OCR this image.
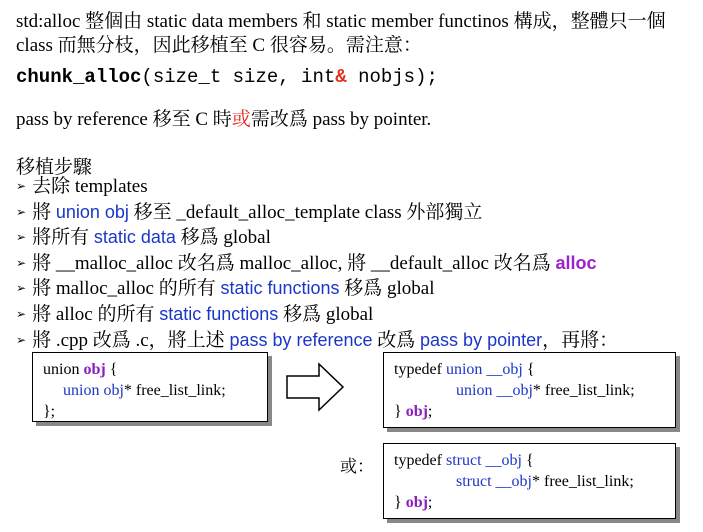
std:alloc 整個由 static data members 和 static member functinos 構成，整體只一個 class 而無分枝，因此移植至 C 很容易。需注意：
chunk_alloc(size_t size, int& nobjs);
pass by reference 移至 C 時或需改爲 pass by pointer.
移植步驟
➢ 去除 templates
➢ 將 union obj 移至 _default_alloc_template class 外部獨立
➢ 將所有 static data 移爲 global
➢ 將 __malloc_alloc 改名爲 malloc_alloc, 將 __default_alloc 改名爲 alloc
➢ 將 malloc_alloc 的所有 static functions 移爲 global
➢ 將 alloc 的所有 static functions 移爲 global
➢ 將 .cpp 改爲 .c，將上述 pass by reference 改爲 pass by pointer，再將：
union obj {
union obj* free_list_link;
};
typedef union __obj {
union __obj* free_list_link;
} obj;
或： typedef struct __obj {
struct __obj* free_list_link;
} obj;
